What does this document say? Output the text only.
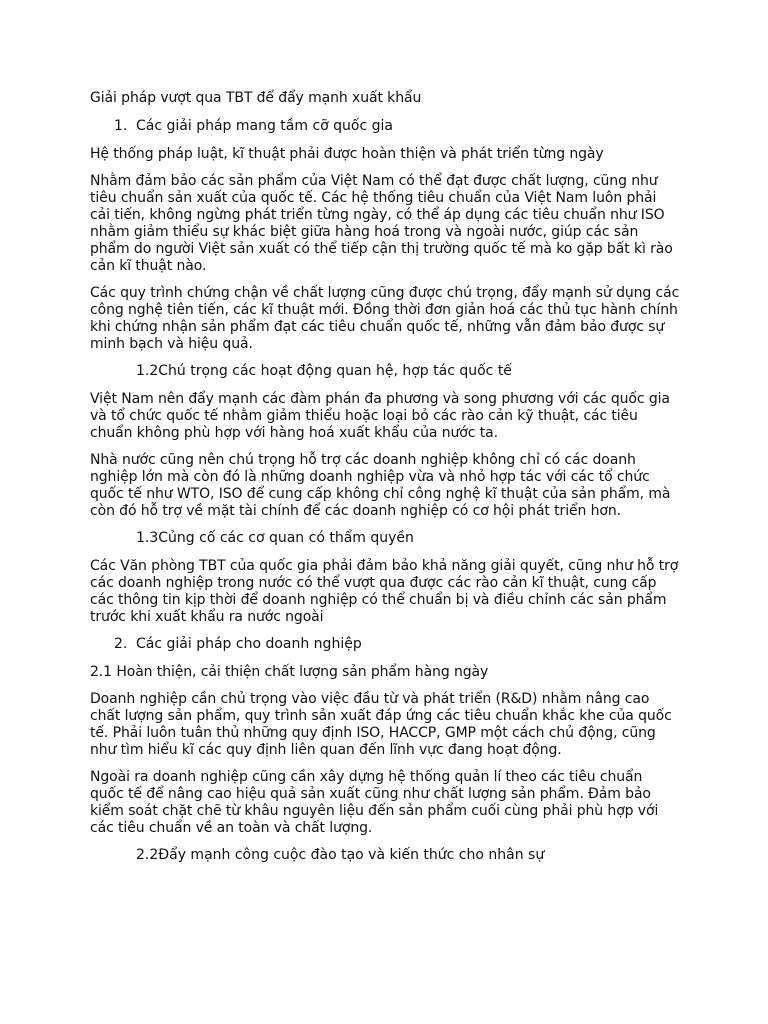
Giải pháp vượt qua TBT để đẩy mạnh xuất khẩu

1. Các giải pháp mang tầm cỡ quốc gia

Hệ thống pháp luật, kĩ thuật phải được hoàn thiện và phát triển từng ngày

Nhằm đảm bảo các sản phẩm của Việt Nam có thể đạt được chất lượng, cũng như tiêu chuẩn sản xuất của quốc tế. Các hệ thống tiêu chuẩn của Việt Nam luôn phải cải tiến, không ngừng phát triển từng ngày, có thể áp dụng các tiêu chuẩn như ISO nhằm giảm thiểu sự khác biệt giữa hàng hoá trong và ngoài nước, giúp các sản phẩm do người Việt sản xuất có thể tiếp cận thị trường quốc tế mà ko gặp bất kì rào cản kĩ thuật nào.

Các quy trình chứng chận về chất lượng cũng được chú trọng, đẩy mạnh sử dụng các công nghệ tiên tiến, các kĩ thuật mới. Đồng thời đơn giản hoá các thủ tục hành chính khi chứng nhận sản phẩm đạt các tiêu chuẩn quốc tế, những vẫn đảm bảo được sự minh bạch và hiệu quả.

1.2Chú trọng các hoạt động quan hệ, hợp tác quốc tế

Việt Nam nên đẩy mạnh các đàm phán đa phương và song phương với các quốc gia và tổ chức quốc tế nhằm giảm thiểu hoặc loại bỏ các rào cản kỹ thuật, các tiêu chuẩn không phù hợp với hàng hoá xuất khẩu của nước ta.

Nhà nước cũng nên chú trọng hỗ trợ các doanh nghiệp không chỉ có các doanh nghiệp lớn mà còn đó là những doanh nghiệp vừa và nhỏ hợp tác với các tổ chức quốc tế như WTO, ISO để cung cấp không chỉ công nghệ kĩ thuật của sản phẩm, mà còn đó hỗ trợ về mặt tài chính để các doanh nghiệp có cơ hội phát triển hơn.

1.3Củng cố các cơ quan có thẩm quyền

Các Văn phòng TBT của quốc gia phải đảm bảo khả năng giải quyết, cũng như hỗ trợ các doanh nghiệp trong nước có thể vượt qua được các rào cản kĩ thuật, cung cấp các thông tin kịp thời để doanh nghiệp có thể chuẩn bị và điều chỉnh các sản phẩm trước khi xuất khẩu ra nước ngoài

2. Các giải pháp cho doanh nghiệp

2.1 Hoàn thiện, cải thiện chất lượng sản phẩm hàng ngày

Doanh nghiệp cần chủ trọng vào việc đầu từ và phát triển (R&D) nhằm nâng cao chất lượng sản phẩm, quy trình sản xuất đáp ứng các tiêu chuẩn khắc khe của quốc tế. Phải luôn tuân thủ những quy định ISO, HACCP, GMP một cách chủ động, cũng như tìm hiểu kĩ các quy định liên quan đến lĩnh vực đang hoạt động.

Ngoài ra doanh nghiệp cũng cần xây dựng hệ thống quản lí theo các tiêu chuẩn quốc tế để nâng cao hiệu quả sản xuất cũng như chất lượng sản phẩm. Đảm bảo kiểm soát chặt chẽ từ khâu nguyên liệu đến sản phẩm cuối cùng phải phù hợp với các tiêu chuẩn về an toàn và chất lượng.

2.2Đẩy mạnh công cuộc đào tạo và kiến thức cho nhân sự
